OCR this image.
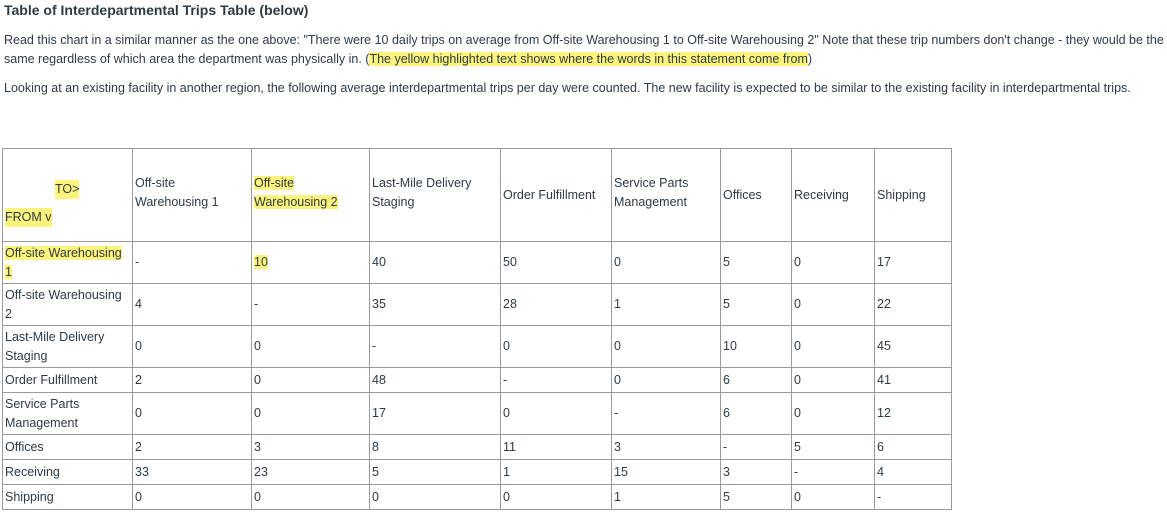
Table of Interdepartmental Trips Table (below)
Read this chart in a similar manner as the one above: "There were 10 daily trips on average from Off-site Warehousing 1 to Off-site Warehousing 2" Note that these trip numbers don't change - they would be the same regardless of which area the department was physically in. (The yellow highlighted text shows where the words in this statement come from)
Looking at an existing facility in another region, the following average interdepartmental trips per day were counted. The new facility is expected to be similar to the existing facility in interdepartmental trips.
TO>
FROM v	Off-site Warehousing 1	Off-site Warehousing 2	Last-Mile Delivery Staging	Order Fulfillment	Service Parts Management	Offices	Receiving	Shipping
Off-site Warehousing 1	-	10	40	50	0	5	0	17
Off-site Warehousing 2	4	-	35	28	1	5	0	22
Last-Mile Delivery Staging	0	0	-	0	0	10	0	45
Order Fulfillment	2	0	48	-	0	6	0	41
Service Parts Management	0	0	17	0	-	6	0	12
Offices	2	3	8	11	3	-	5	6
Receiving	33	23	5	1	15	3	-	4
Shipping	0	0	0	0	1	5	0	-
